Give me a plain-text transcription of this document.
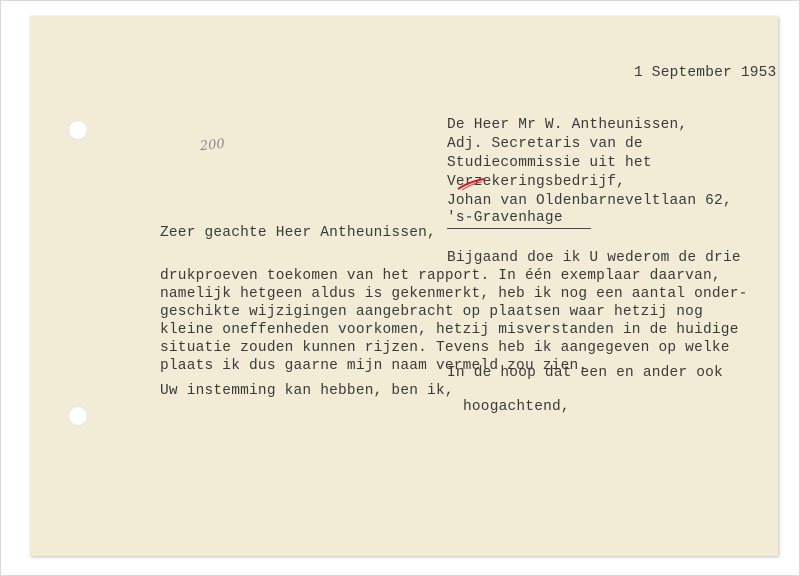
1 September 1953
200
De Heer Mr W. Antheunissen,
Adj. Secretaris van de
Studiecommissie uit het
Verzekeringsbedrijf,
Johan van Oldenbarneveltlaan 62,
's-Gravenhage
Zeer geachte Heer Antheunissen,
Bijgaand doe ik U wederom de drie
drukproeven toekomen van het rapport. In één exemplaar daarvan,
namelijk hetgeen aldus is gekenmerkt, heb ik nog een aantal onder-
geschikte wijzigingen aangebracht op plaatsen waar hetzij nog
kleine oneffenheden voorkomen, hetzij misverstanden in de huidige
situatie zouden kunnen rijzen. Tevens heb ik aangegeven op welke
plaats ik dus gaarne mijn naam vermeld zou zien.
In de hoop dat een en ander ook
Uw instemming kan hebben, ben ik,
hoogachtend,
